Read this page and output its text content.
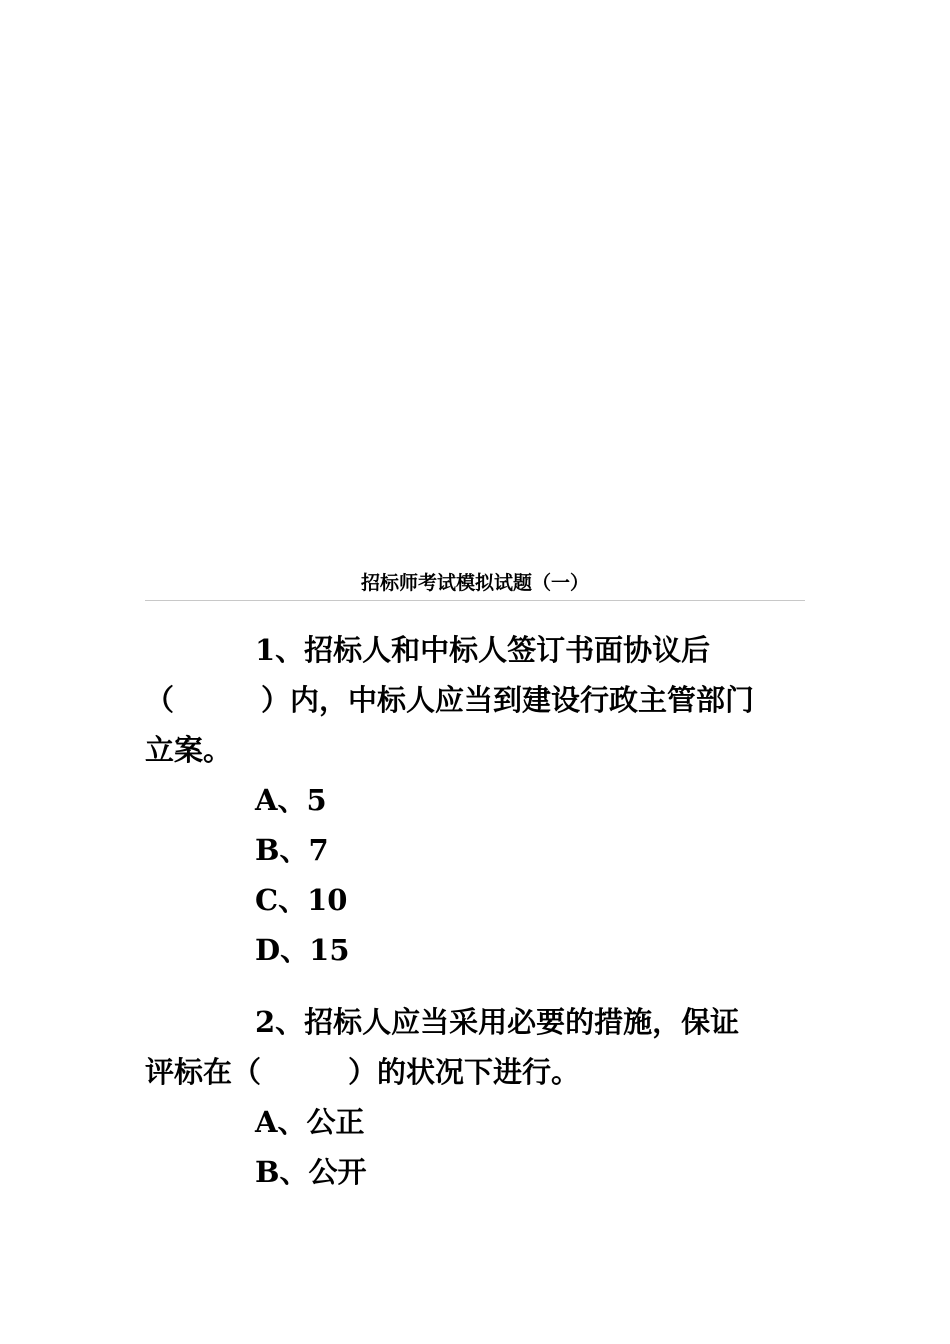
招标师考试模拟试题（一）
1、招标人和中标人签订书面协议后
（　　　）内，中标人应当到建设行政主管部门
立案。
A、5
B、7
C、10
D、15
2、招标人应当采用必要的措施，保证
评标在（　　　）的状况下进行。
A、公正
B、公开
